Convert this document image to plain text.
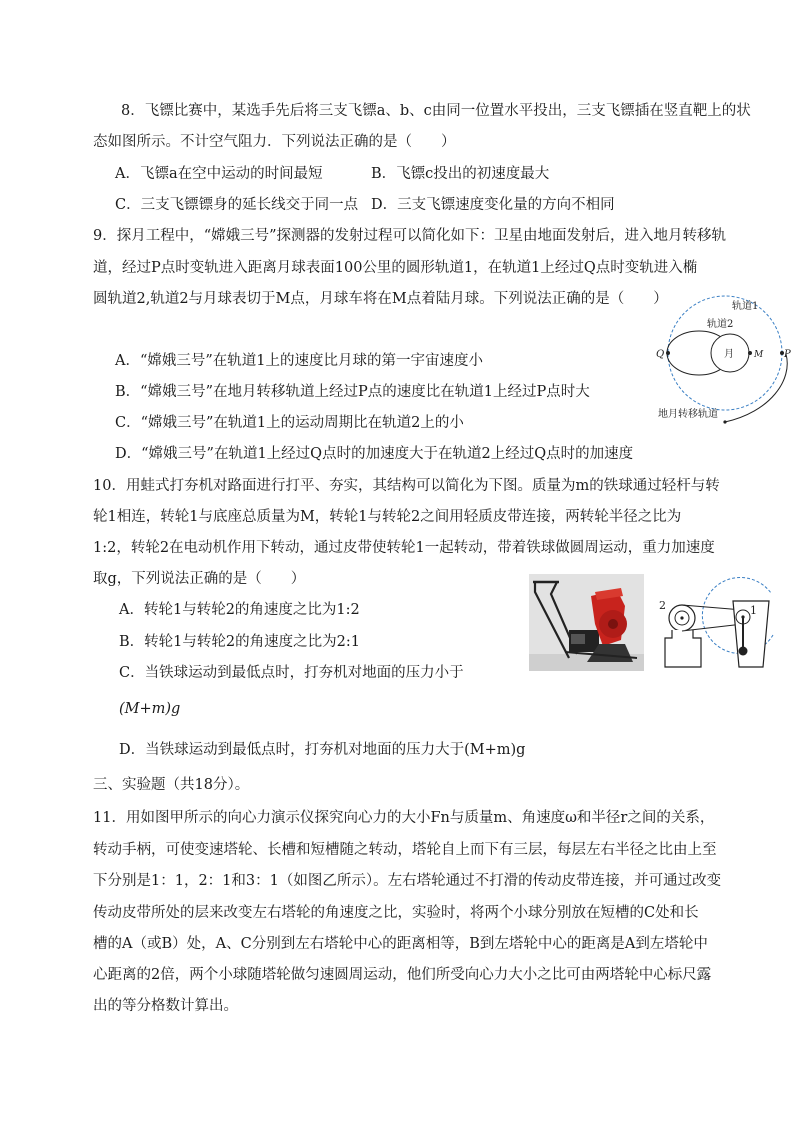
8．飞镖比赛中，某选手先后将三支飞镖a、b、c由同一位置水平投出，三支飞镖插在竖直靶上的状
态如图所示。不计空气阻力．下列说法正确的是（　　）
A．飞镖a在空中运动的时间最短	B．飞镖c投出的初速度最大
C．三支飞镖镖身的延长线交于同一点 D．三支飞镖速度变化量的方向不相同
9．探月工程中，“嫦娥三号”探测器的发射过程可以简化如下：卫星由地面发射后，进入地月转移轨
道，经过P点时变轨进入距离月球表面100公里的圆形轨道1，在轨道1上经过Q点时变轨进入椭
圆轨道2,轨道2与月球表切于M点，月球车将在M点着陆月球。下列说法正确的是（　　）
A．“嫦娥三号”在轨道1上的速度比月球的第一宇宙速度小
B．“嫦娥三号”在地月转移轨道上经过P点的速度比在轨道1上经过P点时大
C．“嫦娥三号”在轨道1上的运动周期比在轨道2上的小
D．“嫦娥三号”在轨道1上经过Q点时的加速度大于在轨道2上经过Q点时的加速度
轨道1
轨道2
月
Q	M P
地月转移轨道
10．用蛙式打夯机对路面进行打平、夯实，其结构可以简化为下图。质量为m的铁球通过轻杆与转
轮1相连，转轮1与底座总质量为M，转轮1与转轮2之间用轻质皮带连接，两转轮半径之比为
1:2，转轮2在电动机作用下转动，通过皮带使转轮1一起转动，带着铁球做圆周运动，重力加速度
取g，下列说法正确的是（　　）
A．转轮1与转轮2的角速度之比为1:2
B．转轮1与转轮2的角速度之比为2:1
C．当铁球运动到最低点时，打夯机对地面的压力小于
(M+m)g
D．当铁球运动到最低点时，打夯机对地面的压力大于(M+m)g
2	1
三、实验题（共18分）。
11．用如图甲所示的向心力演示仪探究向心力的大小Fn与质量m、角速度ω和半径r之间的关系，
转动手柄，可使变速塔轮、长槽和短槽随之转动，塔轮自上而下有三层，每层左右半径之比由上至
下分别是1：1，2：1和3：1（如图乙所示）。左右塔轮通过不打滑的传动皮带连接，并可通过改变
传动皮带所处的层来改变左右塔轮的角速度之比，实验时，将两个小球分别放在短槽的C处和长
槽的A（或B）处，A、C分别到左右塔轮中心的距离相等，B到左塔轮中心的距离是A到左塔轮中
心距离的2倍，两个小球随塔轮做匀速圆周运动，他们所受向心力大小之比可由两塔轮中心标尺露
出的等分格数计算出。
